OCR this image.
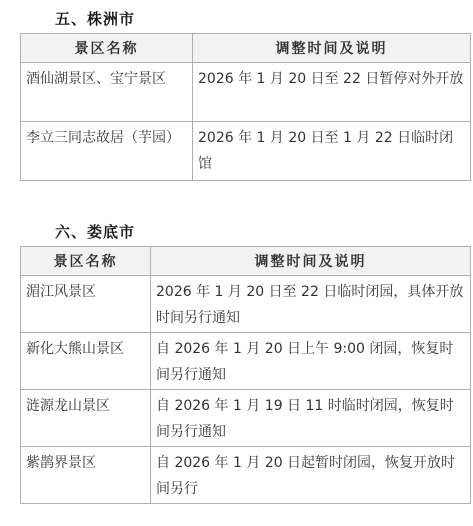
五、株洲市
景区名称	调整时间及说明
酒仙湖景区、宝宁景区	2026 年 1 月 20 日至 22 日暂停对外开放
李立三同志故居（芋园）	2026 年 1 月 20 日至 1 月 22 日临时闭馆
六、娄底市
景区名称	调整时间及说明
湄江风景区	2026 年 1 月 20 日至 22 日临时闭园，具体开放时间另行通知
新化大熊山景区	自 2026 年 1 月 20 日上午 9:00 闭园，恢复时间另行通知
涟源龙山景区	自 2026 年 1 月 19 日 11 时临时闭园，恢复时间另行通知
紫鹊界景区	自 2026 年 1 月 20 日起暂时闭园，恢复开放时间另行
